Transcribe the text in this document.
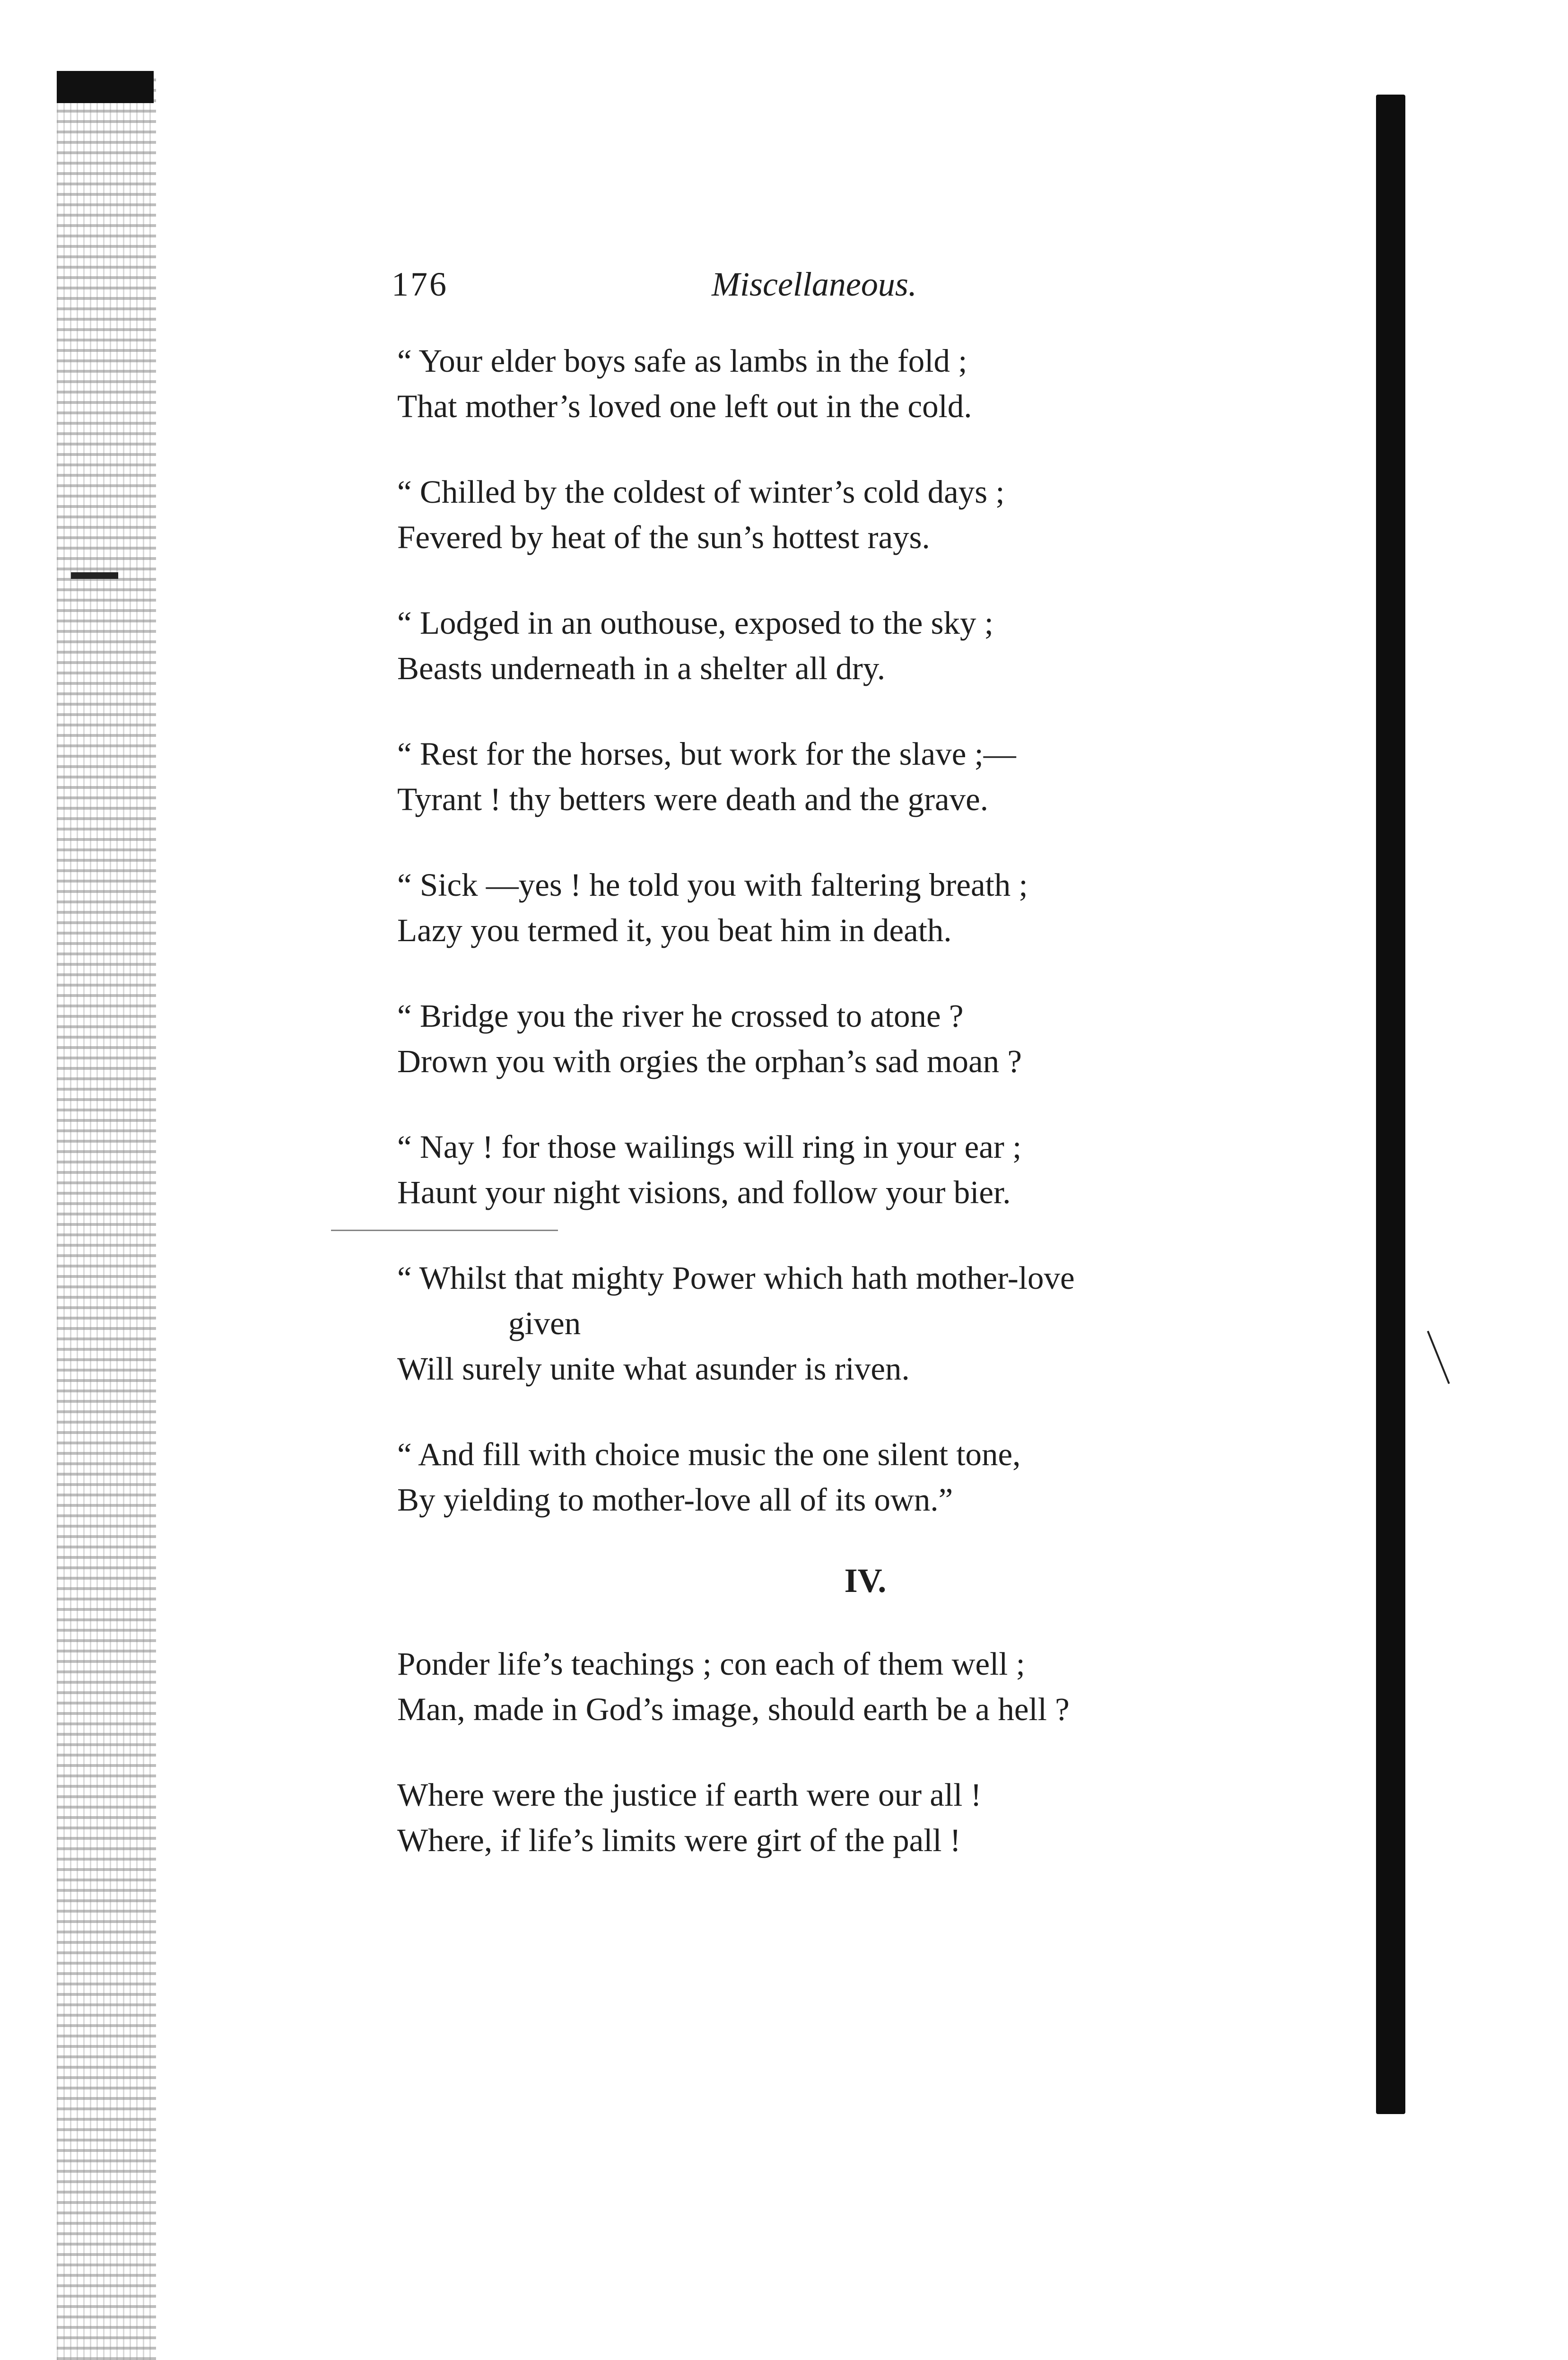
176	Miscellaneous.
“ Your elder boys safe as lambs in the fold ;
That mother’s loved one left out in the cold.
“ Chilled by the coldest of winter’s cold days ;
Fevered by heat of the sun’s hottest rays.
“ Lodged in an outhouse, exposed to the sky ;
Beasts underneath in a shelter all dry.
“ Rest for the horses, but work for the slave ;—
Tyrant ! thy betters were death and the grave.
“ Sick —yes ! he told you with faltering breath ;
Lazy you termed it, you beat him in death.
“ Bridge you the river he crossed to atone ?
Drown you with orgies the orphan’s sad moan ?
“ Nay ! for those wailings will ring in your ear ;
Haunt your night visions, and follow your bier.
“ Whilst that mighty Power which hath mother-love
given
Will surely unite what asunder is riven.
“ And fill with choice music the one silent tone,
By yielding to mother-love all of its own.”
IV.
Ponder life’s teachings ; con each of them well ;
Man, made in God’s image, should earth be a hell ?
Where were the justice if earth were our all !
Where, if life’s limits were girt of the pall !
